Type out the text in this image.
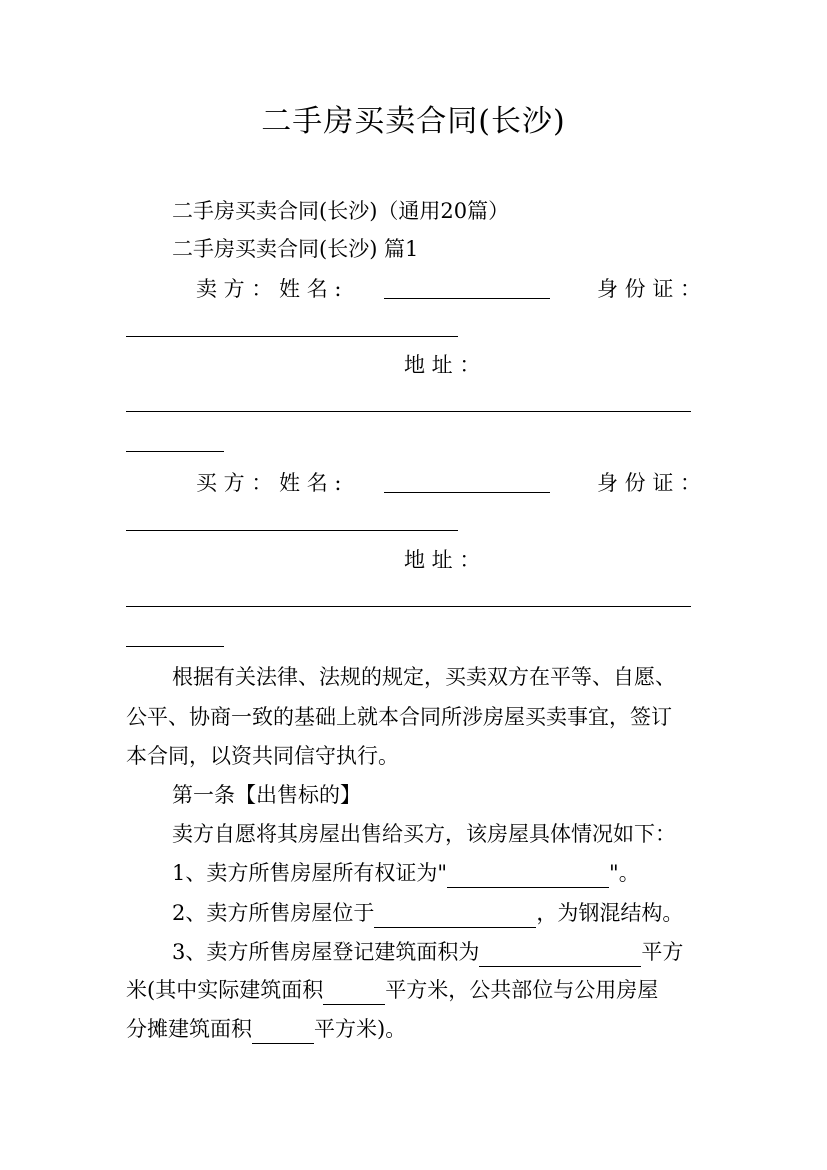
二手房买卖合同(长沙)
二手房买卖合同(长沙)（通用20篇）
二手房买卖合同(长沙) 篇1
卖 方 ： 姓 名 :	身 份 证 ：
地 址 ：
买 方 ： 姓 名 :	身 份 证 ：
地 址 ：
根据有关法律、法规的规定，买卖双方在平等、自愿、
公平、协商一致的基础上就本合同所涉房屋买卖事宜，签订
本合同，以资共同信守执行。
第一条【出售标的】
卖方自愿将其房屋出售给买方，该房屋具体情况如下：
1、卖方所售房屋所有权证为"	"。
2、卖方所售房屋位于	，为钢混结构。
3、卖方所售房屋登记建筑面积为	平方
米(其中实际建筑面积	平方米，公共部位与公用房屋
分摊建筑面积	平方米)。
